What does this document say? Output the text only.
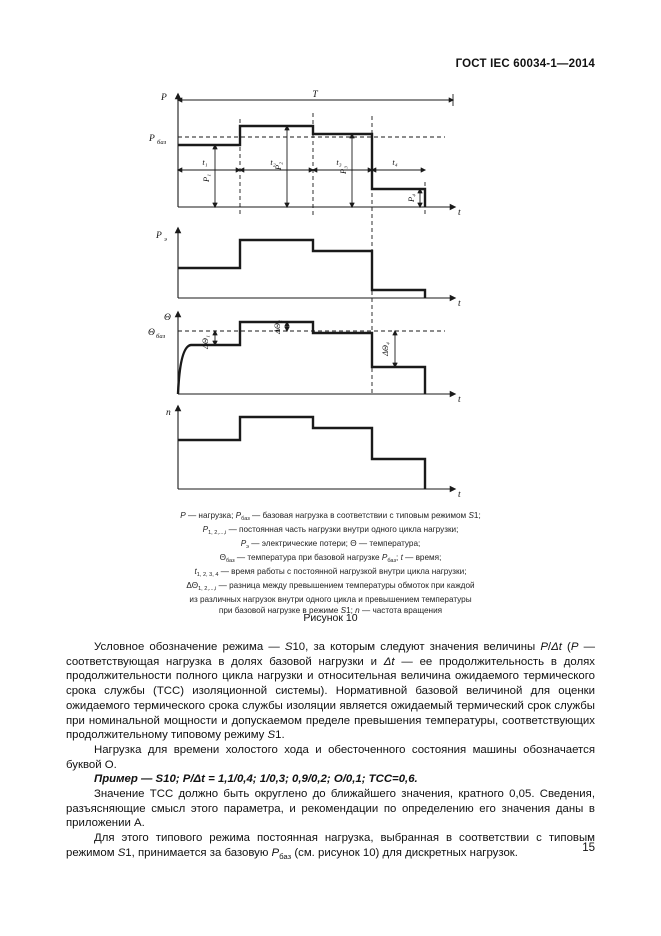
ГОСТ IEC 60034-1—2014
P
t
T
P баз
t₁	t₂	t₃	t₄
P₁
P₂	P₃
P₄
P э
t
Θ
Θ баз	ΔΘ₁
ΔΘ₂
ΔΘ₄
t
n
t
P — нагрузка; $P_{баз}$ — базовая нагрузка в соответствии с типовым режимом S1;
$P_{1, 2,...,i}$ — постоянная часть нагрузки внутри одного цикла нагрузки;
$P_э$ — электрические потери; Θ — температура;
$\Theta_{баз}$ — температура при базовой нагрузке $P_{баз}$; t — время;
$t_{1, 2, 3, 4}$ — время работы с постоянной нагрузкой внутри цикла нагрузки;
$\Delta\Theta_{1, 2,...,i}$ — разница между превышением температуры обмоток при каждой
из различных нагрузок внутри одного цикла и превышением температуры
при базовой нагрузке в режиме S1; n — частота вращения
Рисунок 10

Условное обозначение режима — S10, за которым следуют значения величины P/Δt (P — соответствующая нагрузка в долях базовой нагрузки и Δt — ее продолжительность в долях продолжительности полного цикла нагрузки и относительная величина ожидаемого термического срока службы (ТСС) изоляционной системы). Нормативной базовой величиной для оценки ожидаемого термического срока службы изоляции является ожидаемый термический срок службы при номинальной мощности и допускаемом пределе превышения температуры, соответствующих продолжительному типовому режиму S1.

Нагрузка для времени холостого хода и обесточенного состояния машины обозначается буквой О.

Пример — S10; P/Δt = 1,1/0,4; 1/0,3; 0,9/0,2; О/0,1; ТСС=0,6.

Значение ТСС должно быть округлено до ближайшего значения, кратного 0,05. Сведения, разъясняющие смысл этого параметра, и рекомендации по определению его значения даны в приложении А.

Для этого типового режима постоянная нагрузка, выбранная в соответствии с типовым режимом S1, принимается за базовую $P_{баз}$ (см. рисунок 10) для дискретных нагрузок.	15
